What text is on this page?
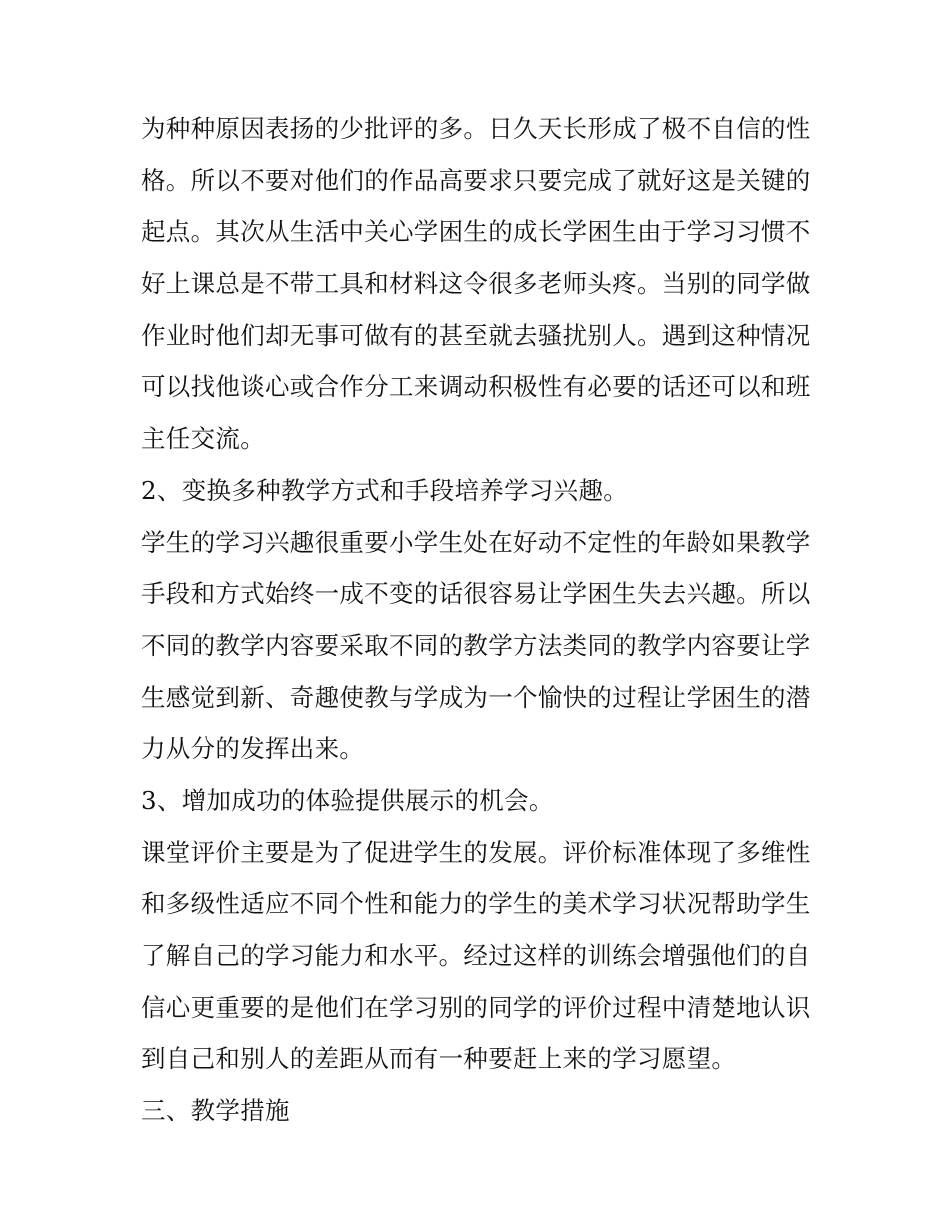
为种种原因表扬的少批评的多。日久天长形成了极不自信的性
格。所以不要对他们的作品高要求只要完成了就好这是关键的
起点。其次从生活中关心学困生的成长学困生由于学习习惯不
好上课总是不带工具和材料这令很多老师头疼。当别的同学做
作业时他们却无事可做有的甚至就去骚扰别人。遇到这种情况
可以找他谈心或合作分工来调动积极性有必要的话还可以和班
主任交流。
2、变换多种教学方式和手段培养学习兴趣。
学生的学习兴趣很重要小学生处在好动不定性的年龄如果教学
手段和方式始终一成不变的话很容易让学困生失去兴趣。所以
不同的教学内容要采取不同的教学方法类同的教学内容要让学
生感觉到新、奇趣使教与学成为一个愉快的过程让学困生的潜
力从分的发挥出来。
3、增加成功的体验提供展示的机会。
课堂评价主要是为了促进学生的发展。评价标准体现了多维性
和多级性适应不同个性和能力的学生的美术学习状况帮助学生
了解自己的学习能力和水平。经过这样的训练会增强他们的自
信心更重要的是他们在学习别的同学的评价过程中清楚地认识
到自己和别人的差距从而有一种要赶上来的学习愿望。
三、教学措施
